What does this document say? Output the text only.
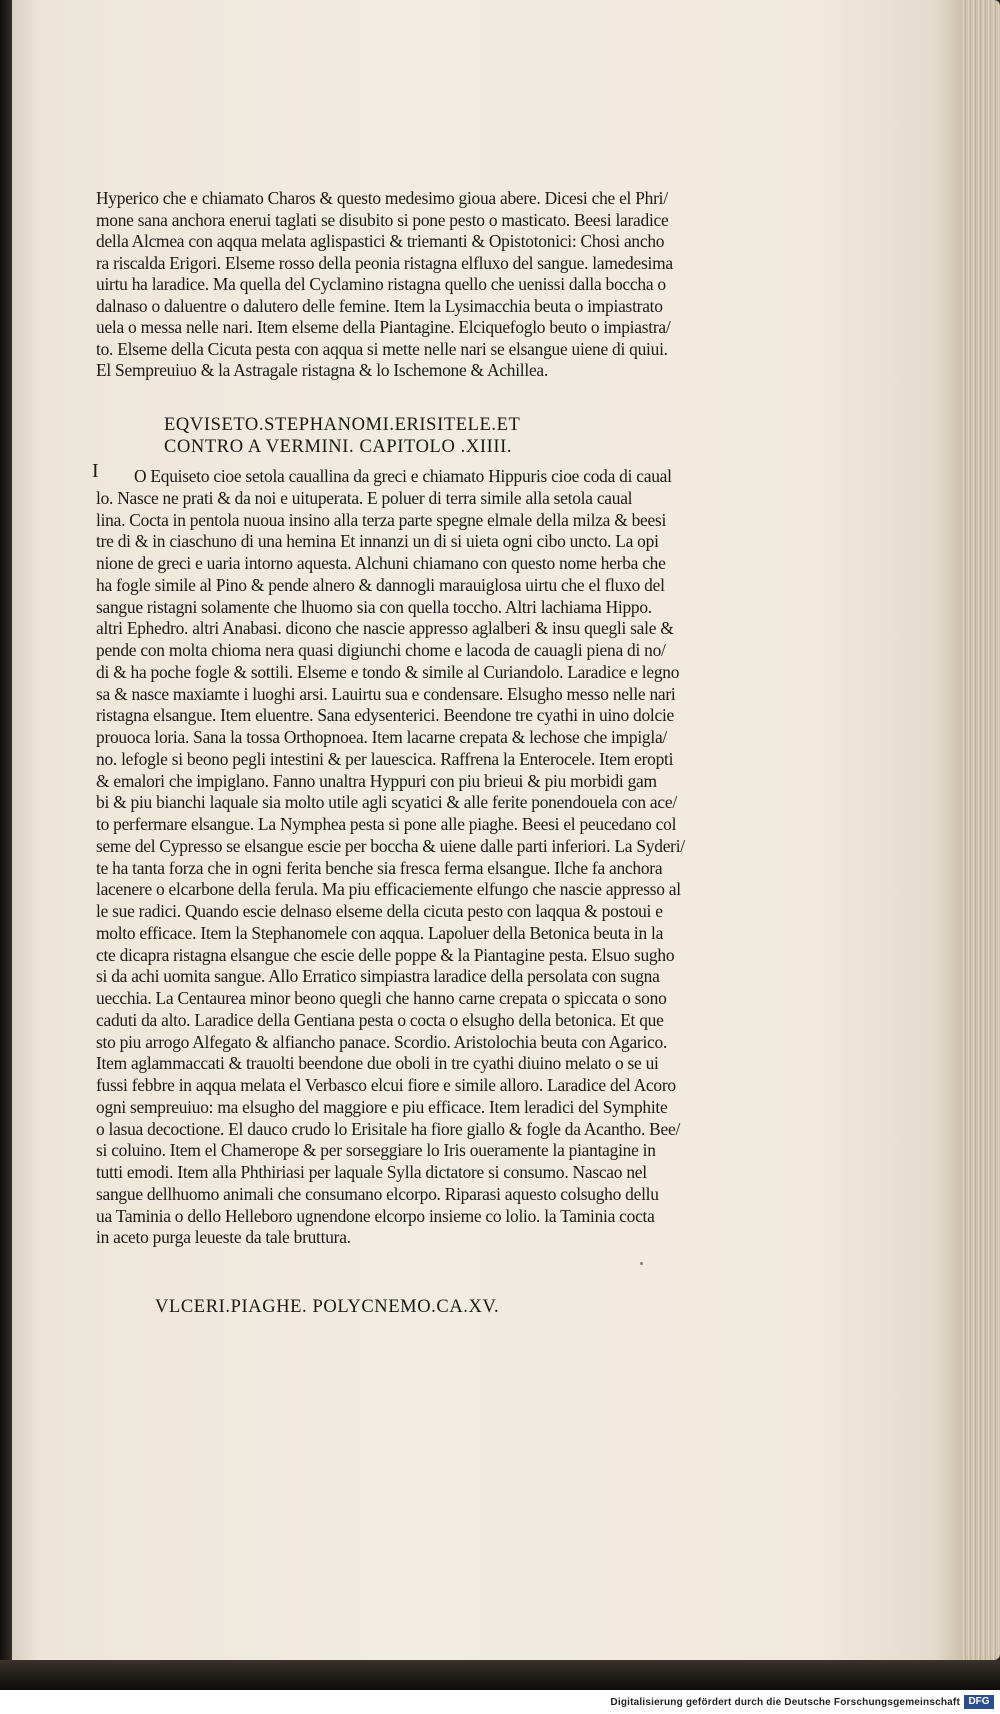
Hyperico che e chiamato Charos & questo medesimo gioua abere. Dicesi che el Phri/
mone sana anchora enerui taglati se disubito si pone pesto o masticato. Beesi laradice
della Alcmea con aqqua melata aglispastici & triemanti & Opistotonici: Chosi ancho
ra riscalda Erigori. Elseme rosso della peonia ristagna elfluxo del sangue. lamedesima
uirtu ha laradice. Ma quella del Cyclamino ristagna quello che uenissi dalla boccha o
dalnaso o daluentre o dalutero delle femine. Item la Lysimacchia beuta o impiastrato
uela o messa nelle nari. Item elseme della Piantagine. Elciquefoglo beuto o impiastra/
to. Elseme della Cicuta pesta con aqqua si mette nelle nari se elsangue uiene di quiui.
El Sempreuiuo & la Astragale ristagna & lo Ischemone & Achillea.
EQVISETO.STEPHANOMI.ERISITELE.ET
CONTRO A VERMINI. CAPITOLO .XIIII.
I	O Equiseto cioe setola cauallina da greci e chiamato Hippuris cioe coda di caual
lo. Nasce ne prati & da noi e uituperata. E poluer di terra simile alla setola caual
lina. Cocta in pentola nuoua insino alla terza parte spegne elmale della milza & beesi
tre di & in ciaschuno di una hemina Et innanzi un di si uieta ogni cibo uncto. La opi
nione de greci e uaria intorno aquesta. Alchuni chiamano con questo nome herba che
ha fogle simile al Pino & pende alnero & dannogli marauiglosa uirtu che el fluxo del
sangue ristagni solamente che lhuomo sia con quella toccho. Altri lachiama Hippo.
altri Ephedro. altri Anabasi. dicono che nascie appresso aglalberi & insu quegli sale &
pende con molta chioma nera quasi digiunchi chome e lacoda de cauagli piena di no/
di & ha poche fogle & sottili. Elseme e tondo & simile al Curiandolo. Laradice e legno
sa & nasce maxiamte i luoghi arsi. Lauirtu sua e condensare. Elsugho messo nelle nari
ristagna elsangue. Item eluentre. Sana edysenterici. Beendone tre cyathi in uino dolcie
prouoca loria. Sana la tossa Orthopnoea. Item lacarne crepata & lechose che impigla/
no. lefogle si beono pegli intestini & per lauescica. Raffrena la Enterocele. Item eropti
& emalori che impiglano. Fanno unaltra Hyppuri con piu brieui & piu morbidi gam
bi & piu bianchi laquale sia molto utile agli scyatici & alle ferite ponendouela con ace/
to perfermare elsangue. La Nymphea pesta si pone alle piaghe. Beesi el peucedano col
seme del Cypresso se elsangue escie per boccha & uiene dalle parti inferiori. La Syderi/
te ha tanta forza che in ogni ferita benche sia fresca ferma elsangue. Ilche fa anchora
lacenere o elcarbone della ferula. Ma piu efficaciemente elfungo che nascie appresso al
le sue radici. Quando escie delnaso elseme della cicuta pesto con laqqua & postoui e
molto efficace. Item la Stephanomele con aqqua. Lapoluer della Betonica beuta in la
cte dicapra ristagna elsangue che escie delle poppe & la Piantagine pesta. Elsuo sugho
si da achi uomita sangue. Allo Erratico simpiastra laradice della persolata con sugna
uecchia. La Centaurea minor beono quegli che hanno carne crepata o spiccata o sono
caduti da alto. Laradice della Gentiana pesta o cocta o elsugho della betonica. Et que
sto piu arrogo Alfegato & alfiancho panace. Scordio. Aristolochia beuta con Agarico.
Item aglammaccati & trauolti beendone due oboli in tre cyathi diuino melato o se ui
fussi febbre in aqqua melata el Verbasco elcui fiore e simile alloro. Laradice del Acoro
ogni sempreuiuo: ma elsugho del maggiore e piu efficace. Item leradici del Symphite
o lasua decoctione. El dauco crudo lo Erisitale ha fiore giallo & fogle da Acantho. Bee/
si coluino. Item el Chamerope & per sorseggiare lo Iris oueramente la piantagine in
tutti emodi. Item alla Phthiriasi per laquale Sylla dictatore si consumo. Nascao nel
sangue dellhuomo animali che consumano elcorpo. Riparasi aquesto colsugho dellu
ua Taminia o dello Helleboro ugnendone elcorpo insieme co lolio. la Taminia cocta
in aceto purga leueste da tale bruttura.
VLCERI.PIAGHE. POLYCNEMO.CA.XV.
Digitalisierung gefördert durch die Deutsche Forschungsgemeinschaft DFG
